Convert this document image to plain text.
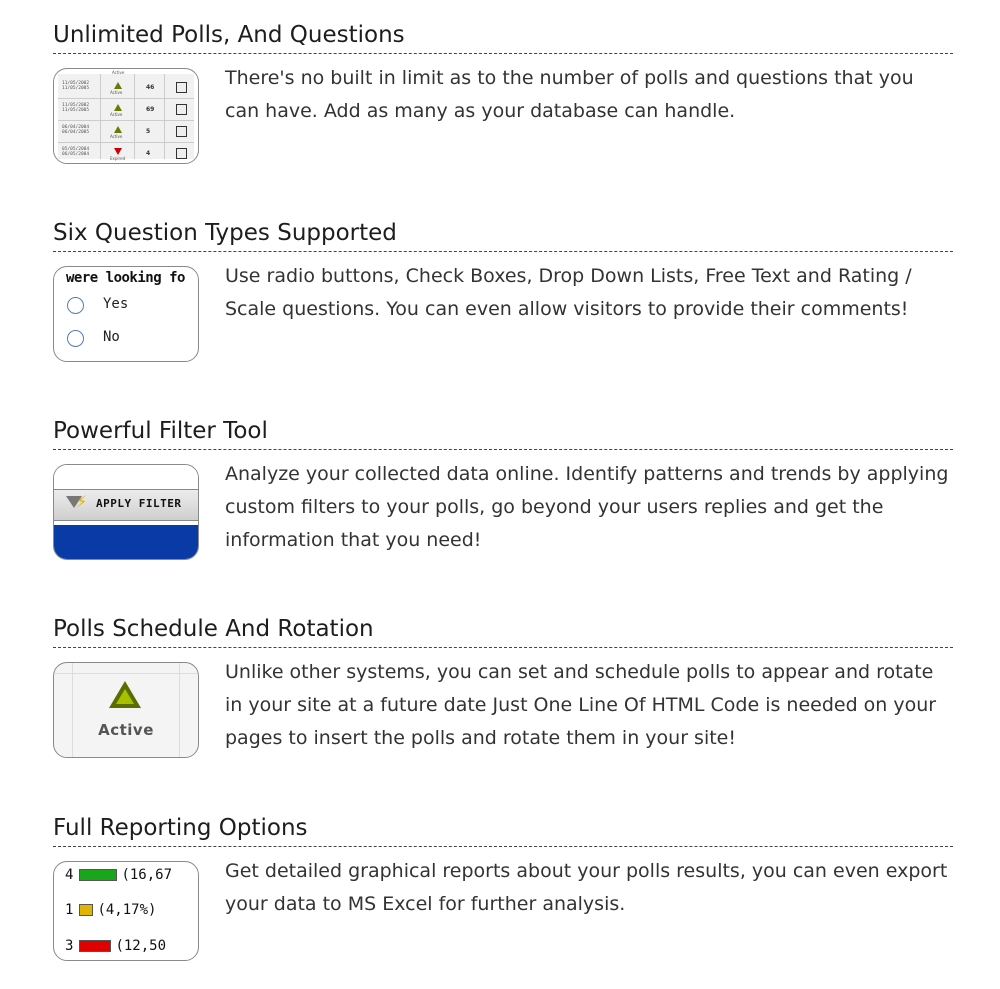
Unlimited Polls, And Questions
Active
11/05/2002
11/05/2005
Active
46
11/05/2002
11/05/2005
Active
69
06/04/2004
06/04/2005
Active
5
05/05/2004
06/05/2004
Expired
4

There's no built in limit as to the number of polls and questions that you can have. Add as many as your database can handle.

Six Question Types Supported
were looking fo
Yes
No

Use radio buttons, Check Boxes, Drop Down Lists, Free Text and Rating / Scale questions. You can even allow visitors to provide their comments!

Powerful Filter Tool
⚡ APPLY FILTER

Analyze your collected data online. Identify patterns and trends by applying custom filters to your polls, go beyond your users replies and get the information that you need!

Polls Schedule And Rotation
Active

Unlike other systems, you can set and schedule polls to appear and rotate in your site at a future date Just One Line Of HTML Code is needed on your pages to insert the polls and rotate them in your site!

Full Reporting Options
4	(16,67
1 (4,17%)
3	(12,50

Get detailed graphical reports about your polls results, you can even export your data to MS Excel for further analysis.
